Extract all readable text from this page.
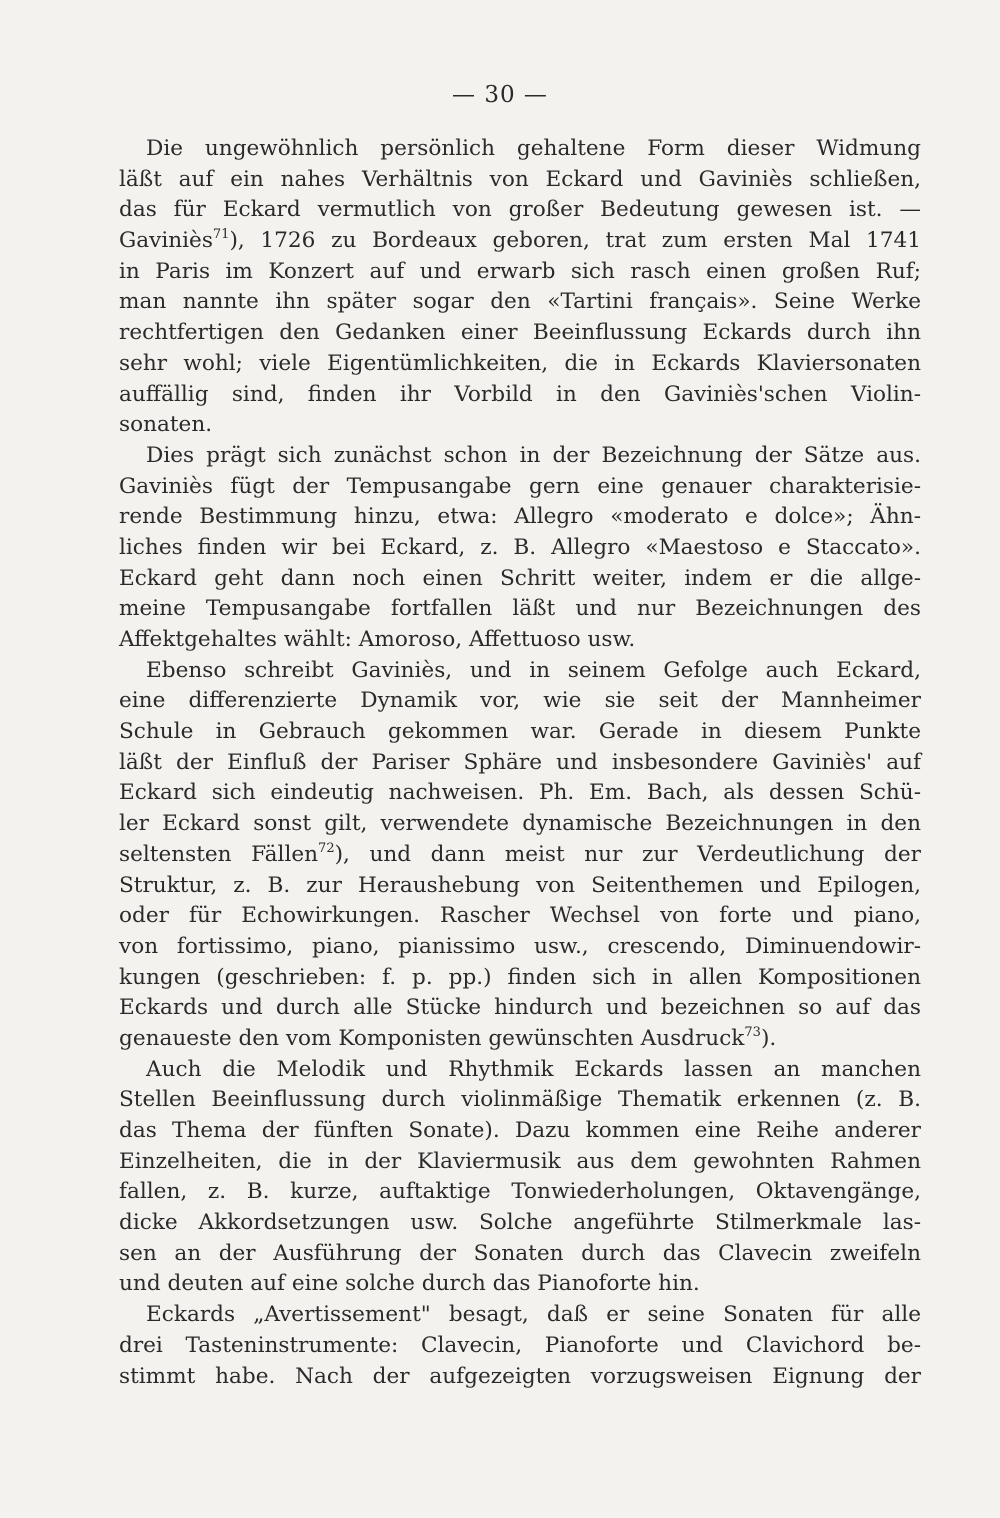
— 30 —
Die ungewöhnlich persönlich gehaltene Form dieser Widmung
läßt auf ein nahes Verhältnis von Eckard und Gaviniès schließen,
das für Eckard vermutlich von großer Bedeutung gewesen ist. —
Gaviniès$^{71}$), 1726 zu Bordeaux geboren, trat zum ersten Mal 1741
in Paris im Konzert auf und erwarb sich rasch einen großen Ruf;
man nannte ihn später sogar den «Tartini français». Seine Werke
rechtfertigen den Gedanken einer Beeinflussung Eckards durch ihn
sehr wohl; viele Eigentümlichkeiten, die in Eckards Klaviersonaten
auffällig sind, finden ihr Vorbild in den Gaviniès'schen Violin-
sonaten.
Dies prägt sich zunächst schon in der Bezeichnung der Sätze aus.
Gaviniès fügt der Tempusangabe gern eine genauer charakterisie-
rende Bestimmung hinzu, etwa: Allegro «moderato e dolce»; Ähn-
liches finden wir bei Eckard, z. B. Allegro «Maestoso e Staccato».
Eckard geht dann noch einen Schritt weiter, indem er die allge-
meine Tempusangabe fortfallen läßt und nur Bezeichnungen des
Affektgehaltes wählt: Amoroso, Affettuoso usw.
Ebenso schreibt Gaviniès, und in seinem Gefolge auch Eckard,
eine differenzierte Dynamik vor, wie sie seit der Mannheimer
Schule in Gebrauch gekommen war. Gerade in diesem Punkte
läßt der Einfluß der Pariser Sphäre und insbesondere Gaviniès' auf
Eckard sich eindeutig nachweisen. Ph. Em. Bach, als dessen Schü-
ler Eckard sonst gilt, verwendete dynamische Bezeichnungen in den
seltensten Fällen$^{72}$), und dann meist nur zur Verdeutlichung der
Struktur, z. B. zur Heraushebung von Seitenthemen und Epilogen,
oder für Echowirkungen. Rascher Wechsel von forte und piano,
von fortissimo, piano, pianissimo usw., crescendo, Diminuendowir-
kungen (geschrieben: f. p. pp.) finden sich in allen Kompositionen
Eckards und durch alle Stücke hindurch und bezeichnen so auf das
genaueste den vom Komponisten gewünschten Ausdruck$^{73}$).
Auch die Melodik und Rhythmik Eckards lassen an manchen
Stellen Beeinflussung durch violinmäßige Thematik erkennen (z. B.
das Thema der fünften Sonate). Dazu kommen eine Reihe anderer
Einzelheiten, die in der Klaviermusik aus dem gewohnten Rahmen
fallen, z. B. kurze, auftaktige Tonwiederholungen, Oktavengänge,
dicke Akkordsetzungen usw. Solche angeführte Stilmerkmale las-
sen an der Ausführung der Sonaten durch das Clavecin zweifeln
und deuten auf eine solche durch das Pianoforte hin.
Eckards „Avertissement" besagt, daß er seine Sonaten für alle
drei Tasteninstrumente: Clavecin, Pianoforte und Clavichord be-
stimmt habe. Nach der aufgezeigten vorzugsweisen Eignung der
